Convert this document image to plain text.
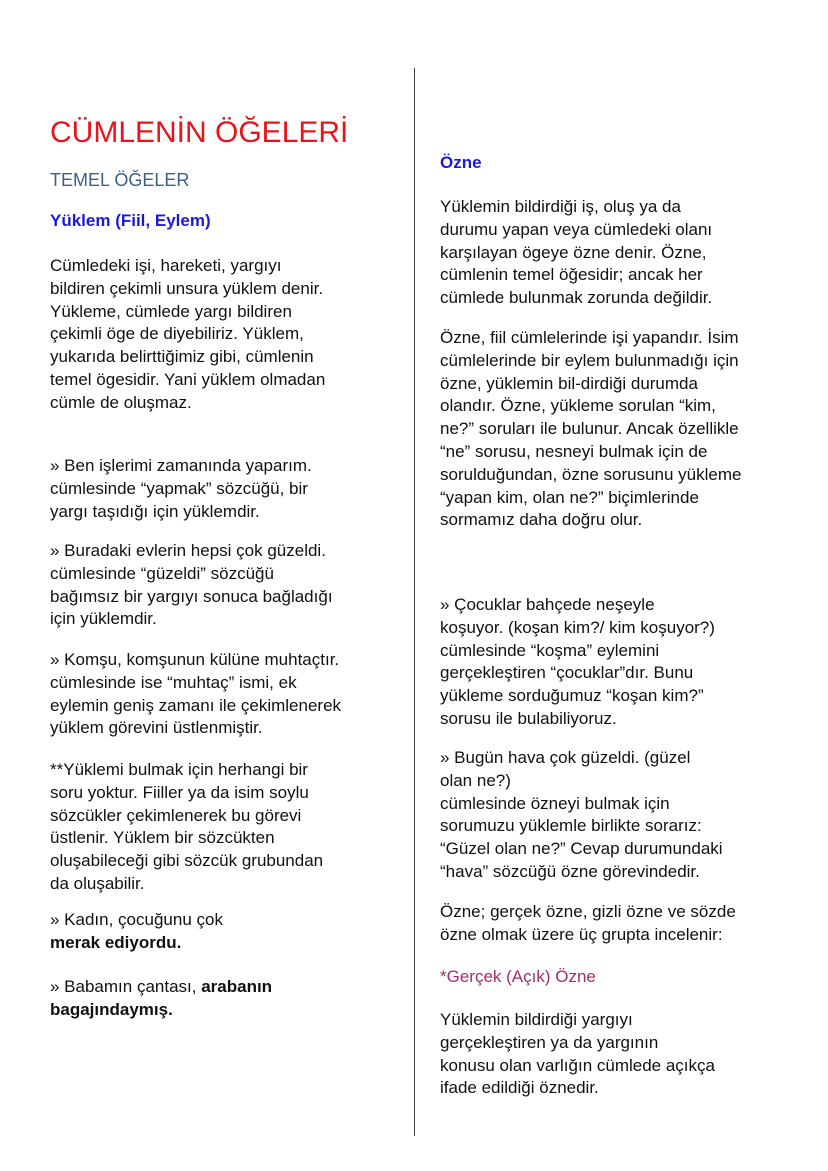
CÜMLENİN ÖĞELERİ
TEMEL ÖĞELER
Yüklem (Fiil, Eylem)
Cümledeki işi, hareketi, yargıyı
bildiren çekimli unsura yüklem denir.
Yükleme, cümlede yargı bildiren
çekimli öge de diyebiliriz. Yüklem,
yukarıda belirttiğimiz gibi, cümlenin
temel ögesidir. Yani yüklem olmadan
cümle de oluşmaz.
» Ben işlerimi zamanında yaparım.
cümlesinde “yapmak” sözcüğü, bir
yargı taşıdığı için yüklemdir.
» Buradaki evlerin hepsi çok güzeldi.
cümlesinde “güzeldi” sözcüğü
bağımsız bir yargıyı sonuca bağladığı
için yüklemdir.
» Komşu, komşunun külüne muhtaçtır.
cümlesinde ise “muhtaç” ismi, ek
eylemin geniş zamanı ile çekimlenerek
yüklem görevini üstlenmiştir.
**Yüklemi bulmak için herhangi bir
soru yoktur. Fiiller ya da isim soylu
sözcükler çekimlenerek bu görevi
üstlenir. Yüklem bir sözcükten
oluşabileceği gibi sözcük grubundan
da oluşabilir.
» Kadın, çocuğunu çok
merak ediyordu.
» Babamın çantası, arabanın
bagajındaymış.
Özne
Yüklemin bildirdiği iş, oluş ya da
durumu yapan veya cümledeki olanı
karşılayan ögeye özne denir. Özne,
cümlenin temel öğesidir; ancak her
cümlede bulunmak zorunda değildir.
Özne, fiil cümlelerinde işi yapandır. İsim
cümlelerinde bir eylem bulunmadığı için
özne, yüklemin bil-dirdiği durumda
olandır. Özne, yükleme sorulan “kim,
ne?” soruları ile bulunur. Ancak özellikle
“ne” sorusu, nesneyi bulmak için de
sorulduğundan, özne sorusunu yükleme
“yapan kim, olan ne?” biçimlerinde
sormamız daha doğru olur.
» Çocuklar bahçede neşeyle
koşuyor. (koşan kim?/ kim koşuyor?)
cümlesinde “koşma” eylemini
gerçekleştiren “çocuklar”dır. Bunu
yükleme sorduğumuz “koşan kim?”
sorusu ile bulabiliyoruz.
» Bugün hava çok güzeldi. (güzel
olan ne?)
cümlesinde özneyi bulmak için
sorumuzu yüklemle birlikte sorarız:
“Güzel olan ne?” Cevap durumundaki
“hava” sözcüğü özne görevindedir.
Özne; gerçek özne, gizli özne ve sözde
özne olmak üzere üç grupta incelenir:
*Gerçek (Açık) Özne
Yüklemin bildirdiği yargıyı
gerçekleştiren ya da yargının
konusu olan varlığın cümlede açıkça
ifade edildiği öznedir.
